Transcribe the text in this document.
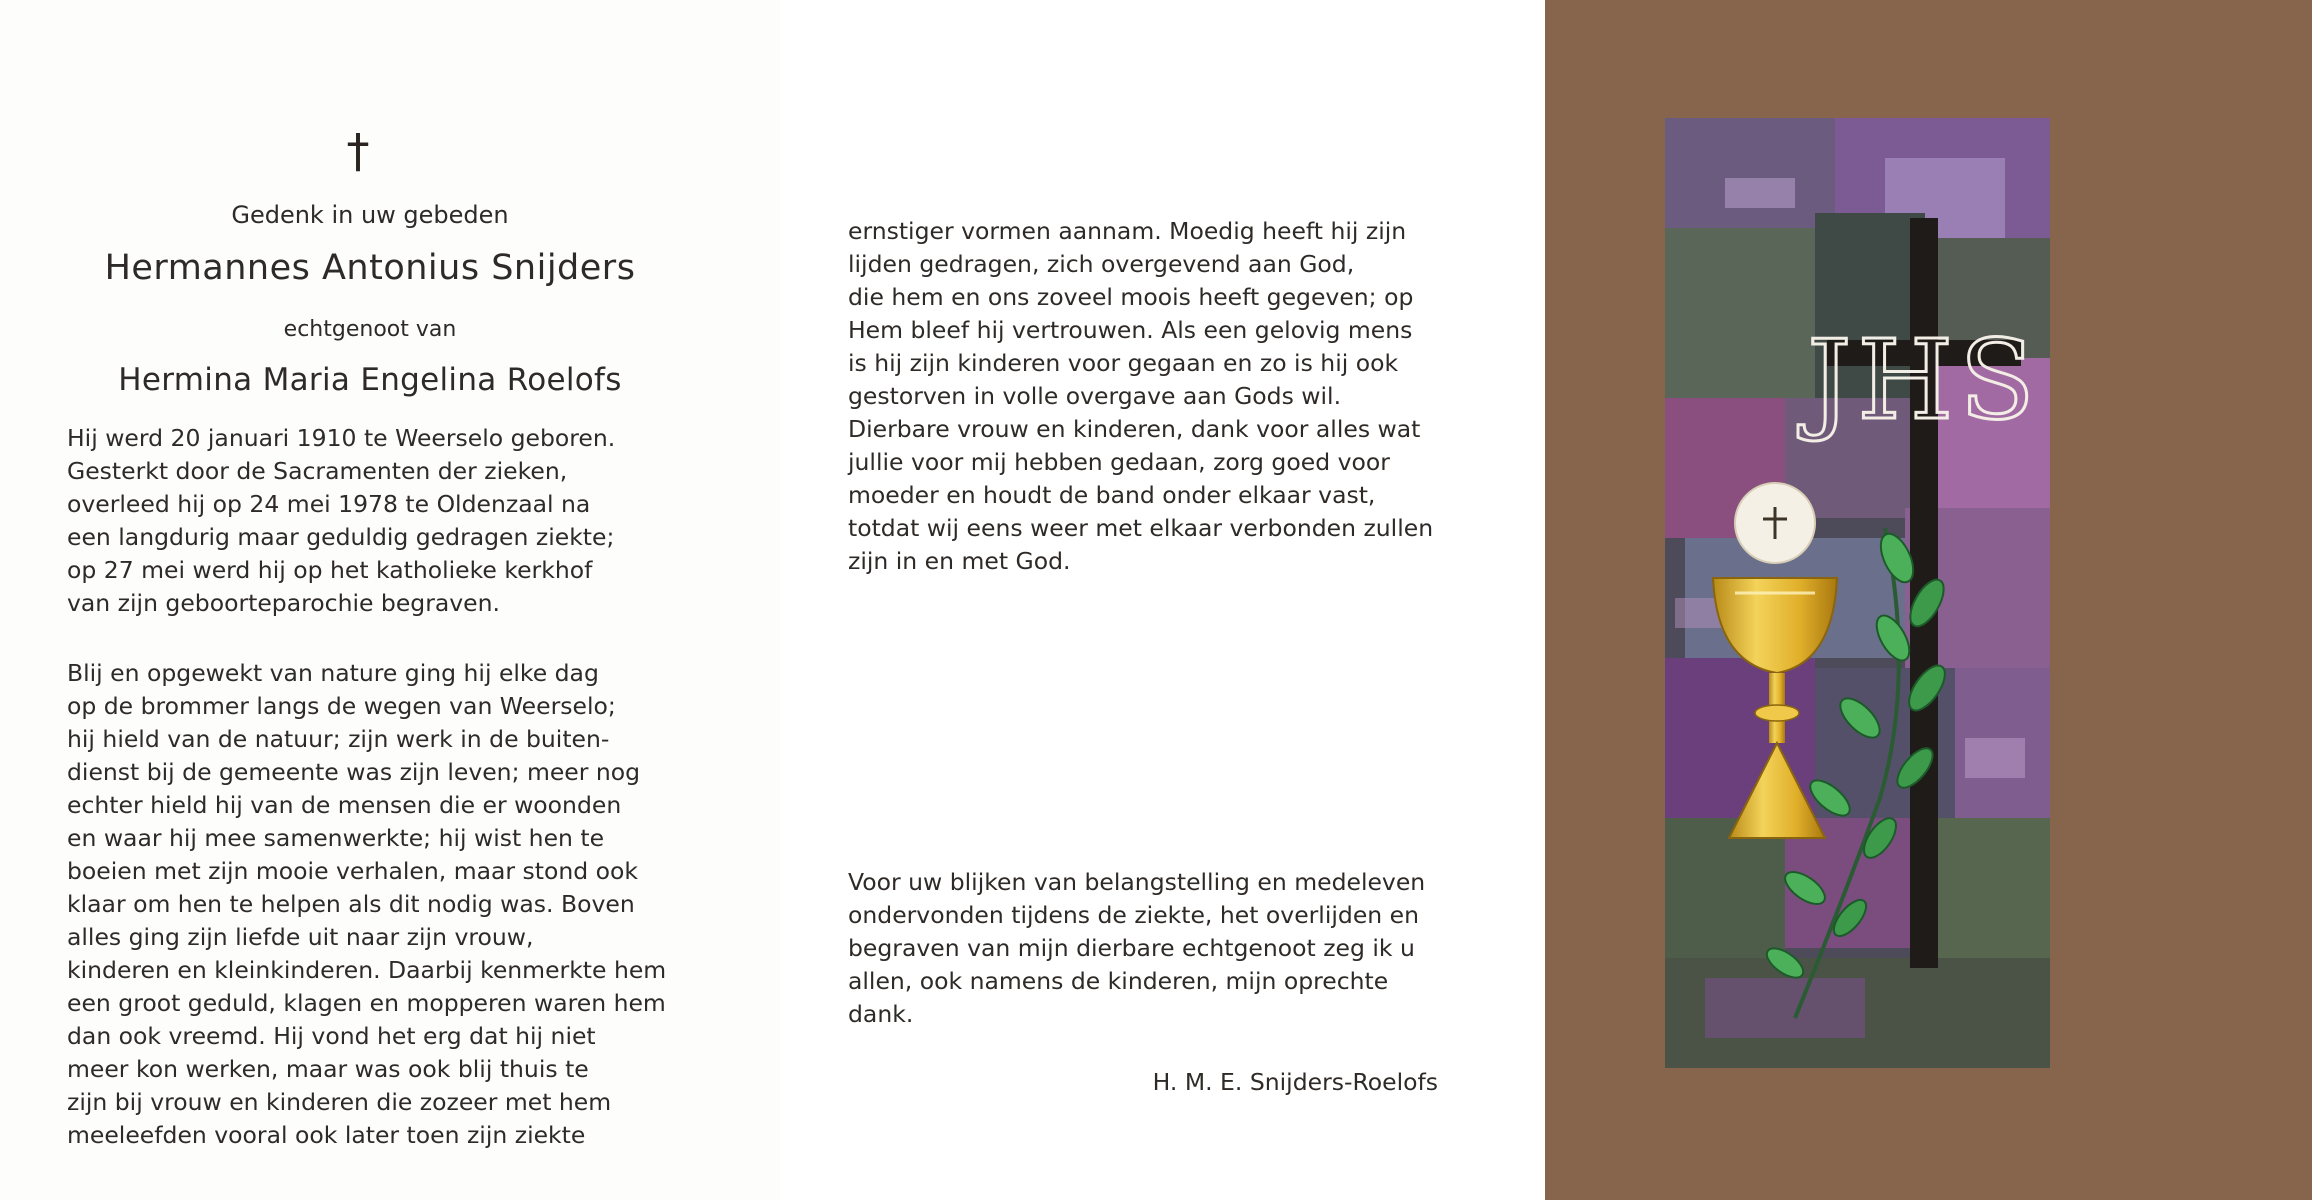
†
Gedenk in uw gebeden
Hermannes Antonius Snijders
echtgenoot van
Hermina Maria Engelina Roelofs

Hij werd 20 januari 1910 te Weerselo geboren.
Gesterkt door de Sacramenten der zieken,
overleed hij op 24 mei 1978 te Oldenzaal na
een langdurig maar geduldig gedragen ziekte;
op 27 mei werd hij op het katholieke kerkhof
van zijn geboorteparochie begraven.

Blij en opgewekt van nature ging hij elke dag
op de brommer langs de wegen van Weerselo;
hij hield van de natuur; zijn werk in de buiten-
dienst bij de gemeente was zijn leven; meer nog
echter hield hij van de mensen die er woonden
en waar hij mee samenwerkte; hij wist hen te
boeien met zijn mooie verhalen, maar stond ook
klaar om hen te helpen als dit nodig was. Boven
alles ging zijn liefde uit naar zijn vrouw,
kinderen en kleinkinderen. Daarbij kenmerkte hem
een groot geduld, klagen en mopperen waren hem
dan ook vreemd. Hij vond het erg dat hij niet
meer kon werken, maar was ook blij thuis te
zijn bij vrouw en kinderen die zozeer met hem
meeleefden vooral ook later toen zijn ziekte

ernstiger vormen aannam. Moedig heeft hij zijn
lijden gedragen, zich overgevend aan God,
die hem en ons zoveel moois heeft gegeven; op
Hem bleef hij vertrouwen. Als een gelovig mens
is hij zijn kinderen voor gegaan en zo is hij ook
gestorven in volle overgave aan Gods wil.
Dierbare vrouw en kinderen, dank voor alles wat
jullie voor mij hebben gedaan, zorg goed voor
moeder en houdt de band onder elkaar vast,
totdat wij eens weer met elkaar verbonden zullen
zijn in en met God.

Voor uw blijken van belangstelling en medeleven
ondervonden tijdens de ziekte, het overlijden en
begraven van mijn dierbare echtgenoot zeg ik u
allen, ook namens de kinderen, mijn oprechte
dank.

H. M. E. Snijders-Roelofs
JHS
